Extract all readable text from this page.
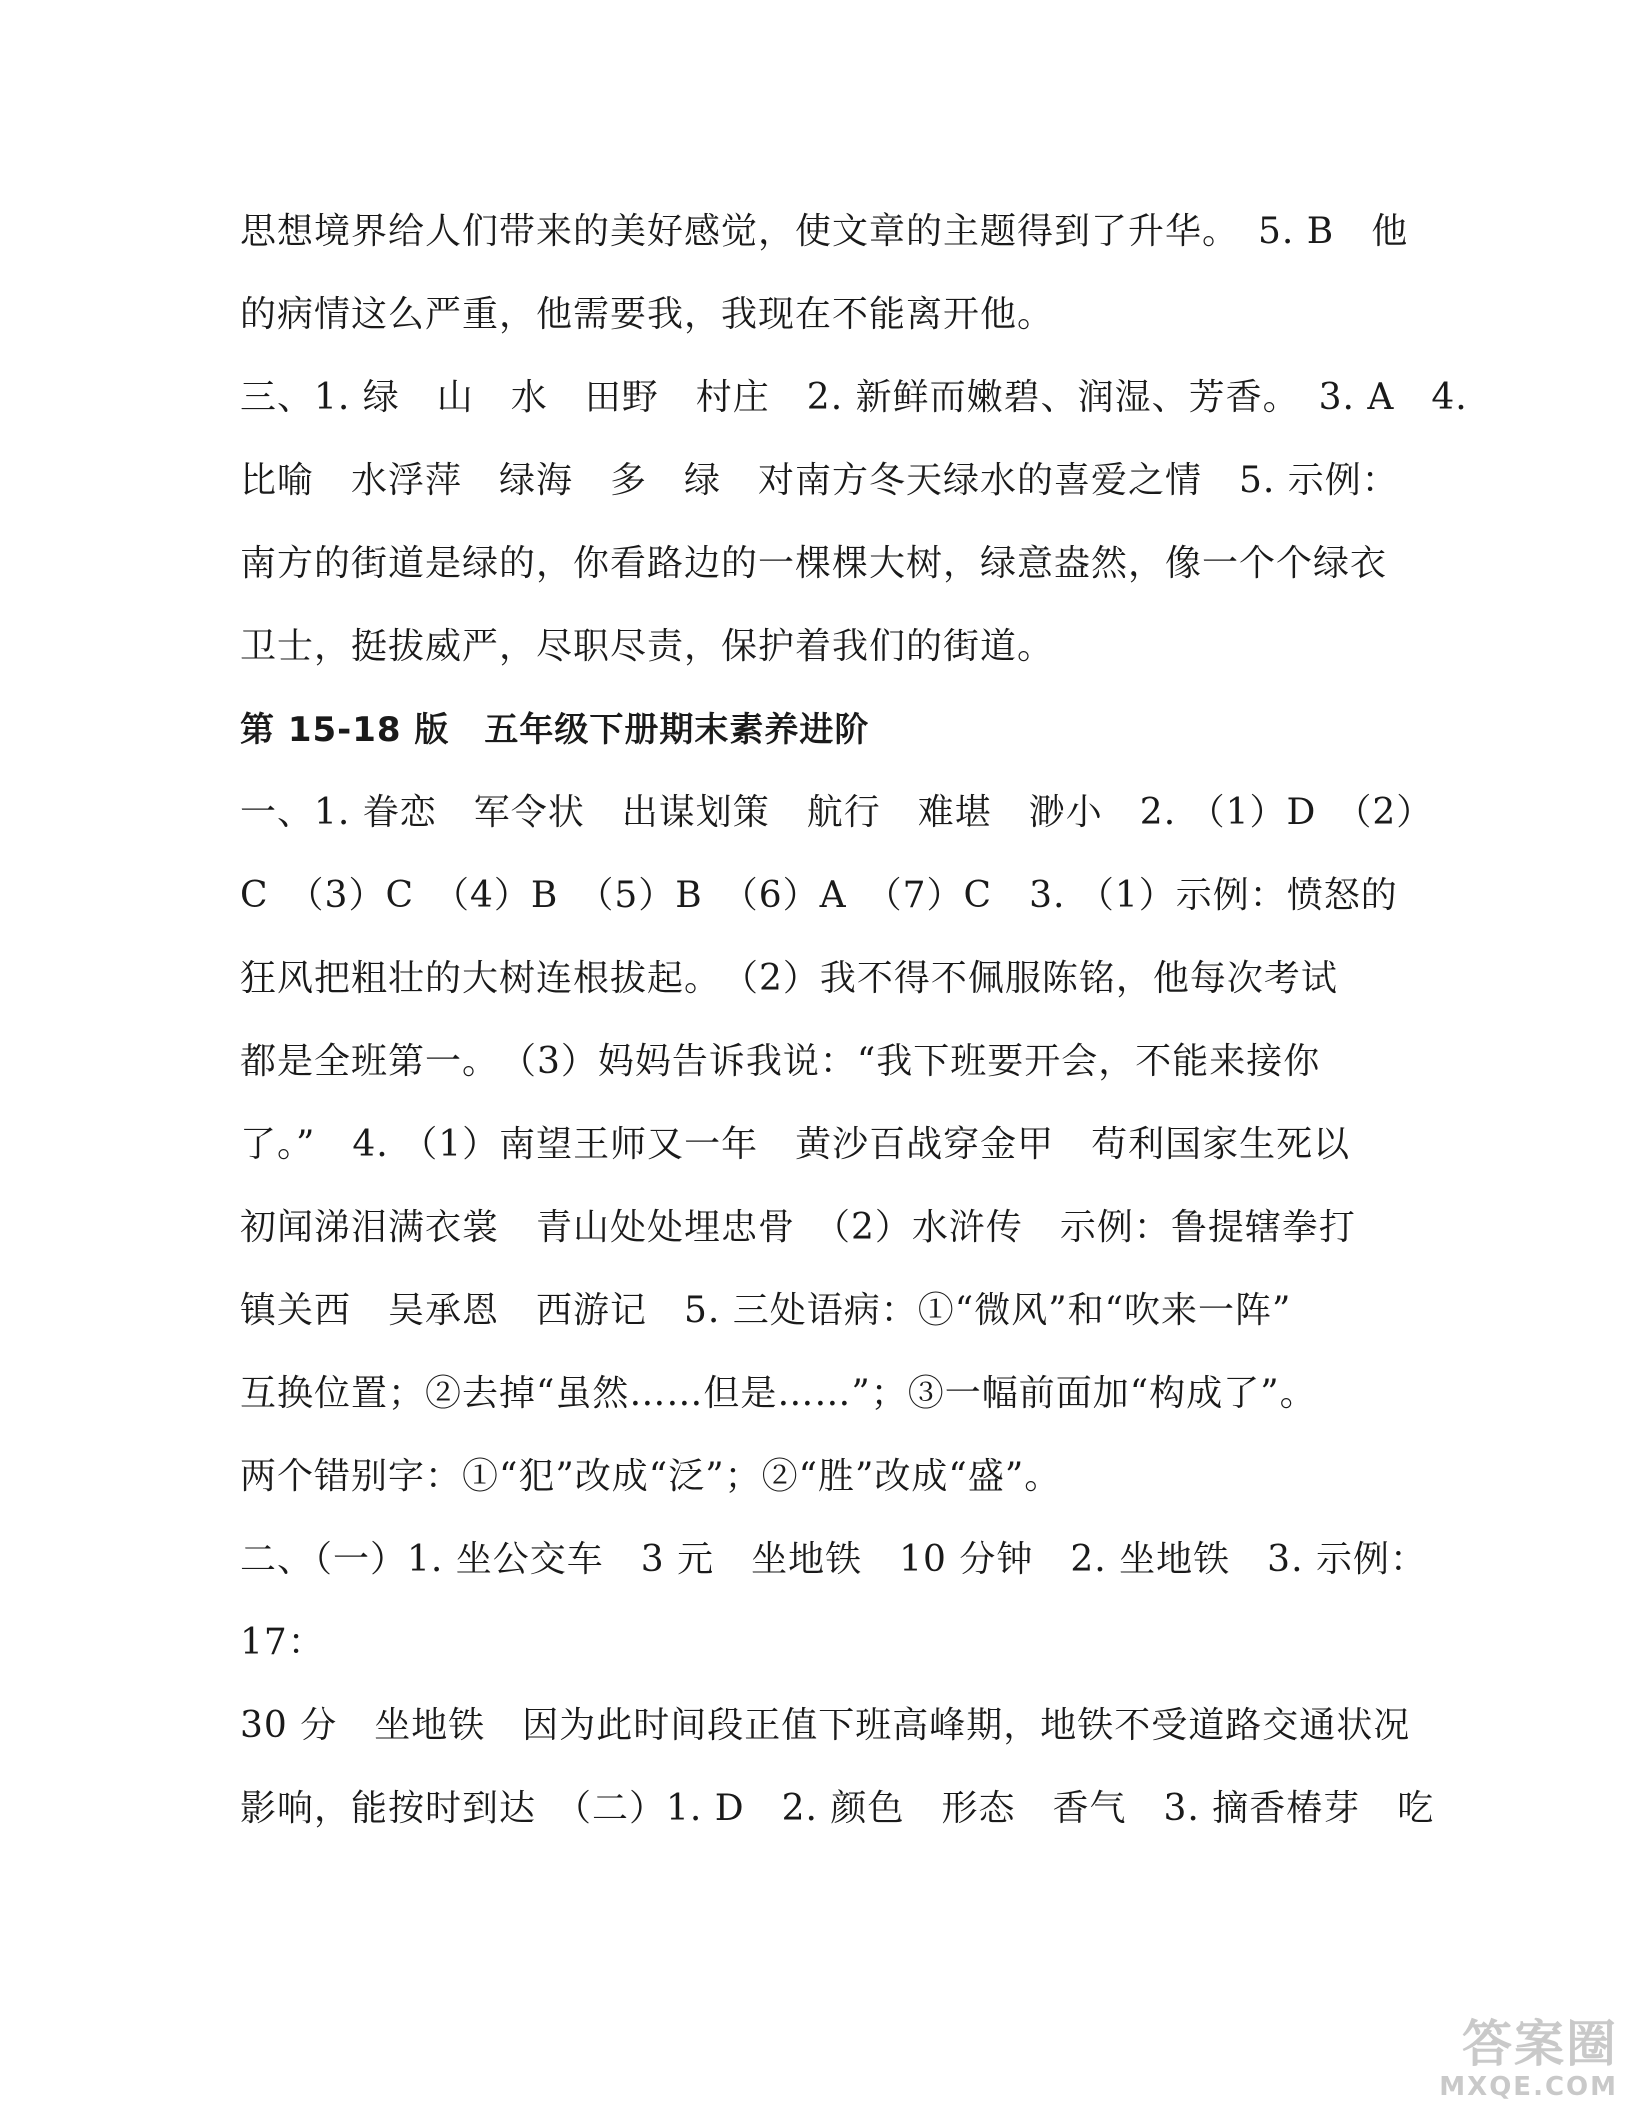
思想境界给人们带来的美好感觉，使文章的主题得到了升华。　5. B　他
的病情这么严重，他需要我，我现在不能离开他。
三、1. 绿　山　水　田野　村庄　2. 新鲜而嫩碧、润湿、芳香。　3. A　4.
比喻　水浮萍　绿海　多　绿　对南方冬天绿水的喜爱之情　5. 示例：
南方的街道是绿的，你看路边的一棵棵大树，绿意盎然，像一个个绿衣
卫士，挺拔威严，尽职尽责，保护着我们的街道。
第 15-18 版　五年级下册期末素养进阶
一、1. 眷恋　军令状　出谋划策　航行　难堪　渺小　2. （1）D　（2）
C　（3）C　（4）B　（5）B　（6）A　（7）C　3. （1）示例：愤怒的
狂风把粗壮的大树连根拔起。　（2）我不得不佩服陈铭，他每次考试
都是全班第一。　（3）妈妈告诉我说：“我下班要开会，不能来接你
了。”　4. （1）南望王师又一年　黄沙百战穿金甲　苟利国家生死以
初闻涕泪满衣裳　青山处处埋忠骨　（2）水浒传　示例：鲁提辖拳打
镇关西　吴承恩　西游记　5. 三处语病：①“微风”和“吹来一阵”
互换位置；②去掉“虽然……但是……”；③一幅前面加“构成了”。
两个错别字：①“犯”改成“泛”；②“胜”改成“盛”。
二、（一）1. 坐公交车　3 元　坐地铁　10 分钟　2. 坐地铁　3. 示例：
17：
30 分　坐地铁　因为此时间段正值下班高峰期，地铁不受道路交通状况
影响，能按时到达　（二）1. D　2. 颜色　形态　香气　3. 摘香椿芽　吃
答案圈
MXQE.COM
